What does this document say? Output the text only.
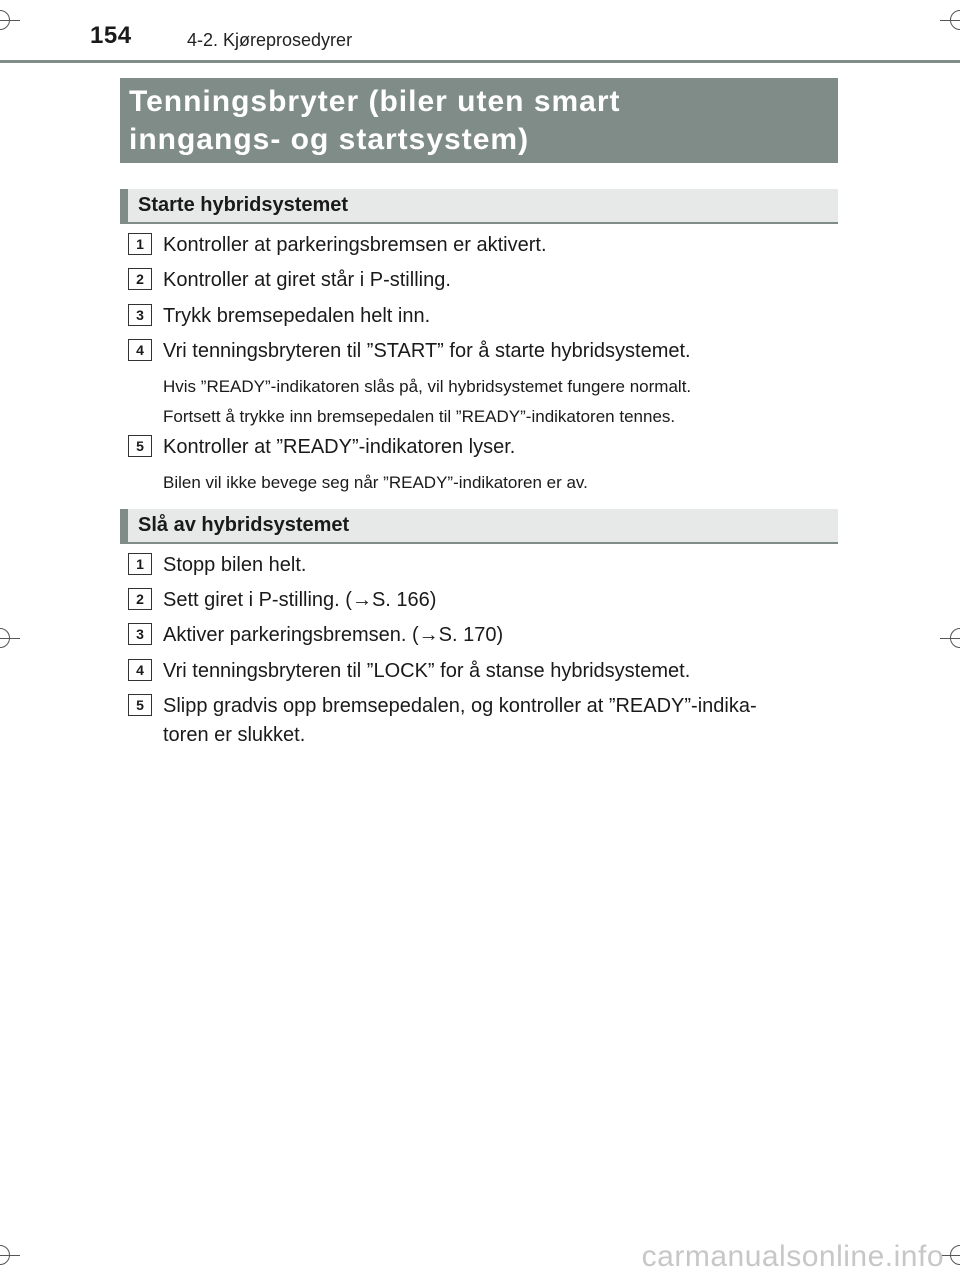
154	4-2. Kjøreprosedyrer
Tenningsbryter (biler uten smart
inngangs- og startsystem)
Starte hybridsystemet
1 Kontroller at parkeringsbremsen er aktivert.
2 Kontroller at giret står i P-stilling.
3 Trykk bremsepedalen helt inn.
4 Vri tenningsbryteren til ”START” for å starte hybridsystemet.
Hvis ”READY”-indikatoren slås på, vil hybridsystemet fungere normalt.
Fortsett å trykke inn bremsepedalen til ”READY”-indikatoren tennes.
5 Kontroller at ”READY”-indikatoren lyser.
Bilen vil ikke bevege seg når ”READY”-indikatoren er av.
Slå av hybridsystemet
1 Stopp bilen helt.
2 Sett giret i P-stilling. (→S. 166)
3 Aktiver parkeringsbremsen. (→S. 170)
4 Vri tenningsbryteren til ”LOCK” for å stanse hybridsystemet.
5 Slipp gradvis opp bremsepedalen, og kontroller at ”READY”-indika-
toren er slukket.
carmanualsonline.info
